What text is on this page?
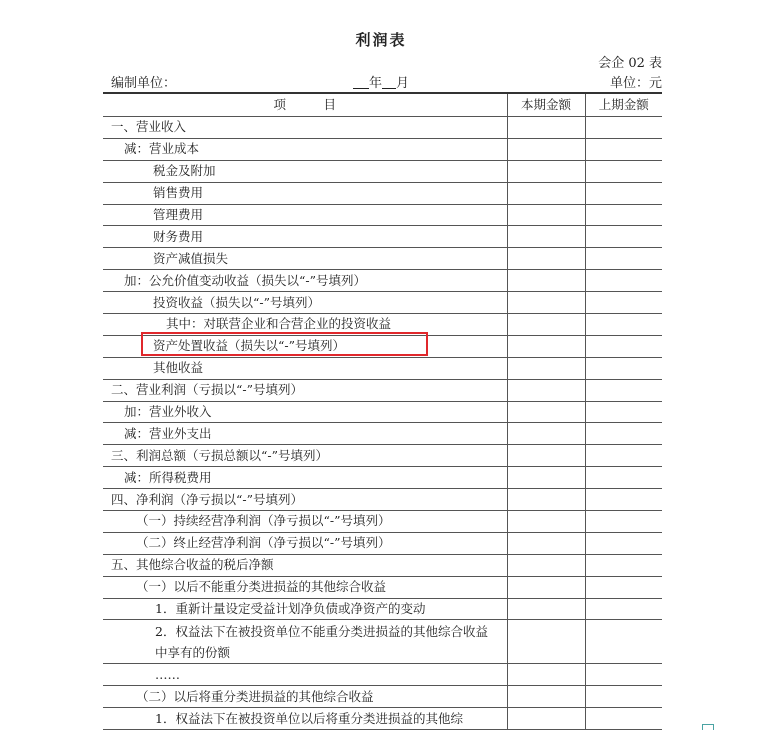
利润表
会企 02 表
编制单位：	年 月	单位：元
项　　　目	本期金额	上期金额
一、营业收入		
减：营业成本		
税金及附加		
销售费用		
管理费用		
财务费用		
资产减值损失		
加：公允价值变动收益（损失以“-”号填列）		
投资收益（损失以“-”号填列）		
其中：对联营企业和合营企业的投资收益		
资产处置收益（损失以“-”号填列）		
其他收益		
二、营业利润（亏损以“-”号填列）		
加：营业外收入		
减：营业外支出		
三、利润总额（亏损总额以“-”号填列）		
减：所得税费用		
四、净利润（净亏损以“-”号填列）		
（一）持续经营净利润（净亏损以“-”号填列）		
（二）终止经营净利润（净亏损以“-”号填列）		
五、其他综合收益的税后净额		
（一）以后不能重分类进损益的其他综合收益		
1．重新计量设定受益计划净负债或净资产的变动		
2．权益法下在被投资单位不能重分类进损益的其他综合收益中享有的份额		
……		
（二）以后将重分类进损益的其他综合收益		
1．权益法下在被投资单位以后将重分类进损益的其他综		
